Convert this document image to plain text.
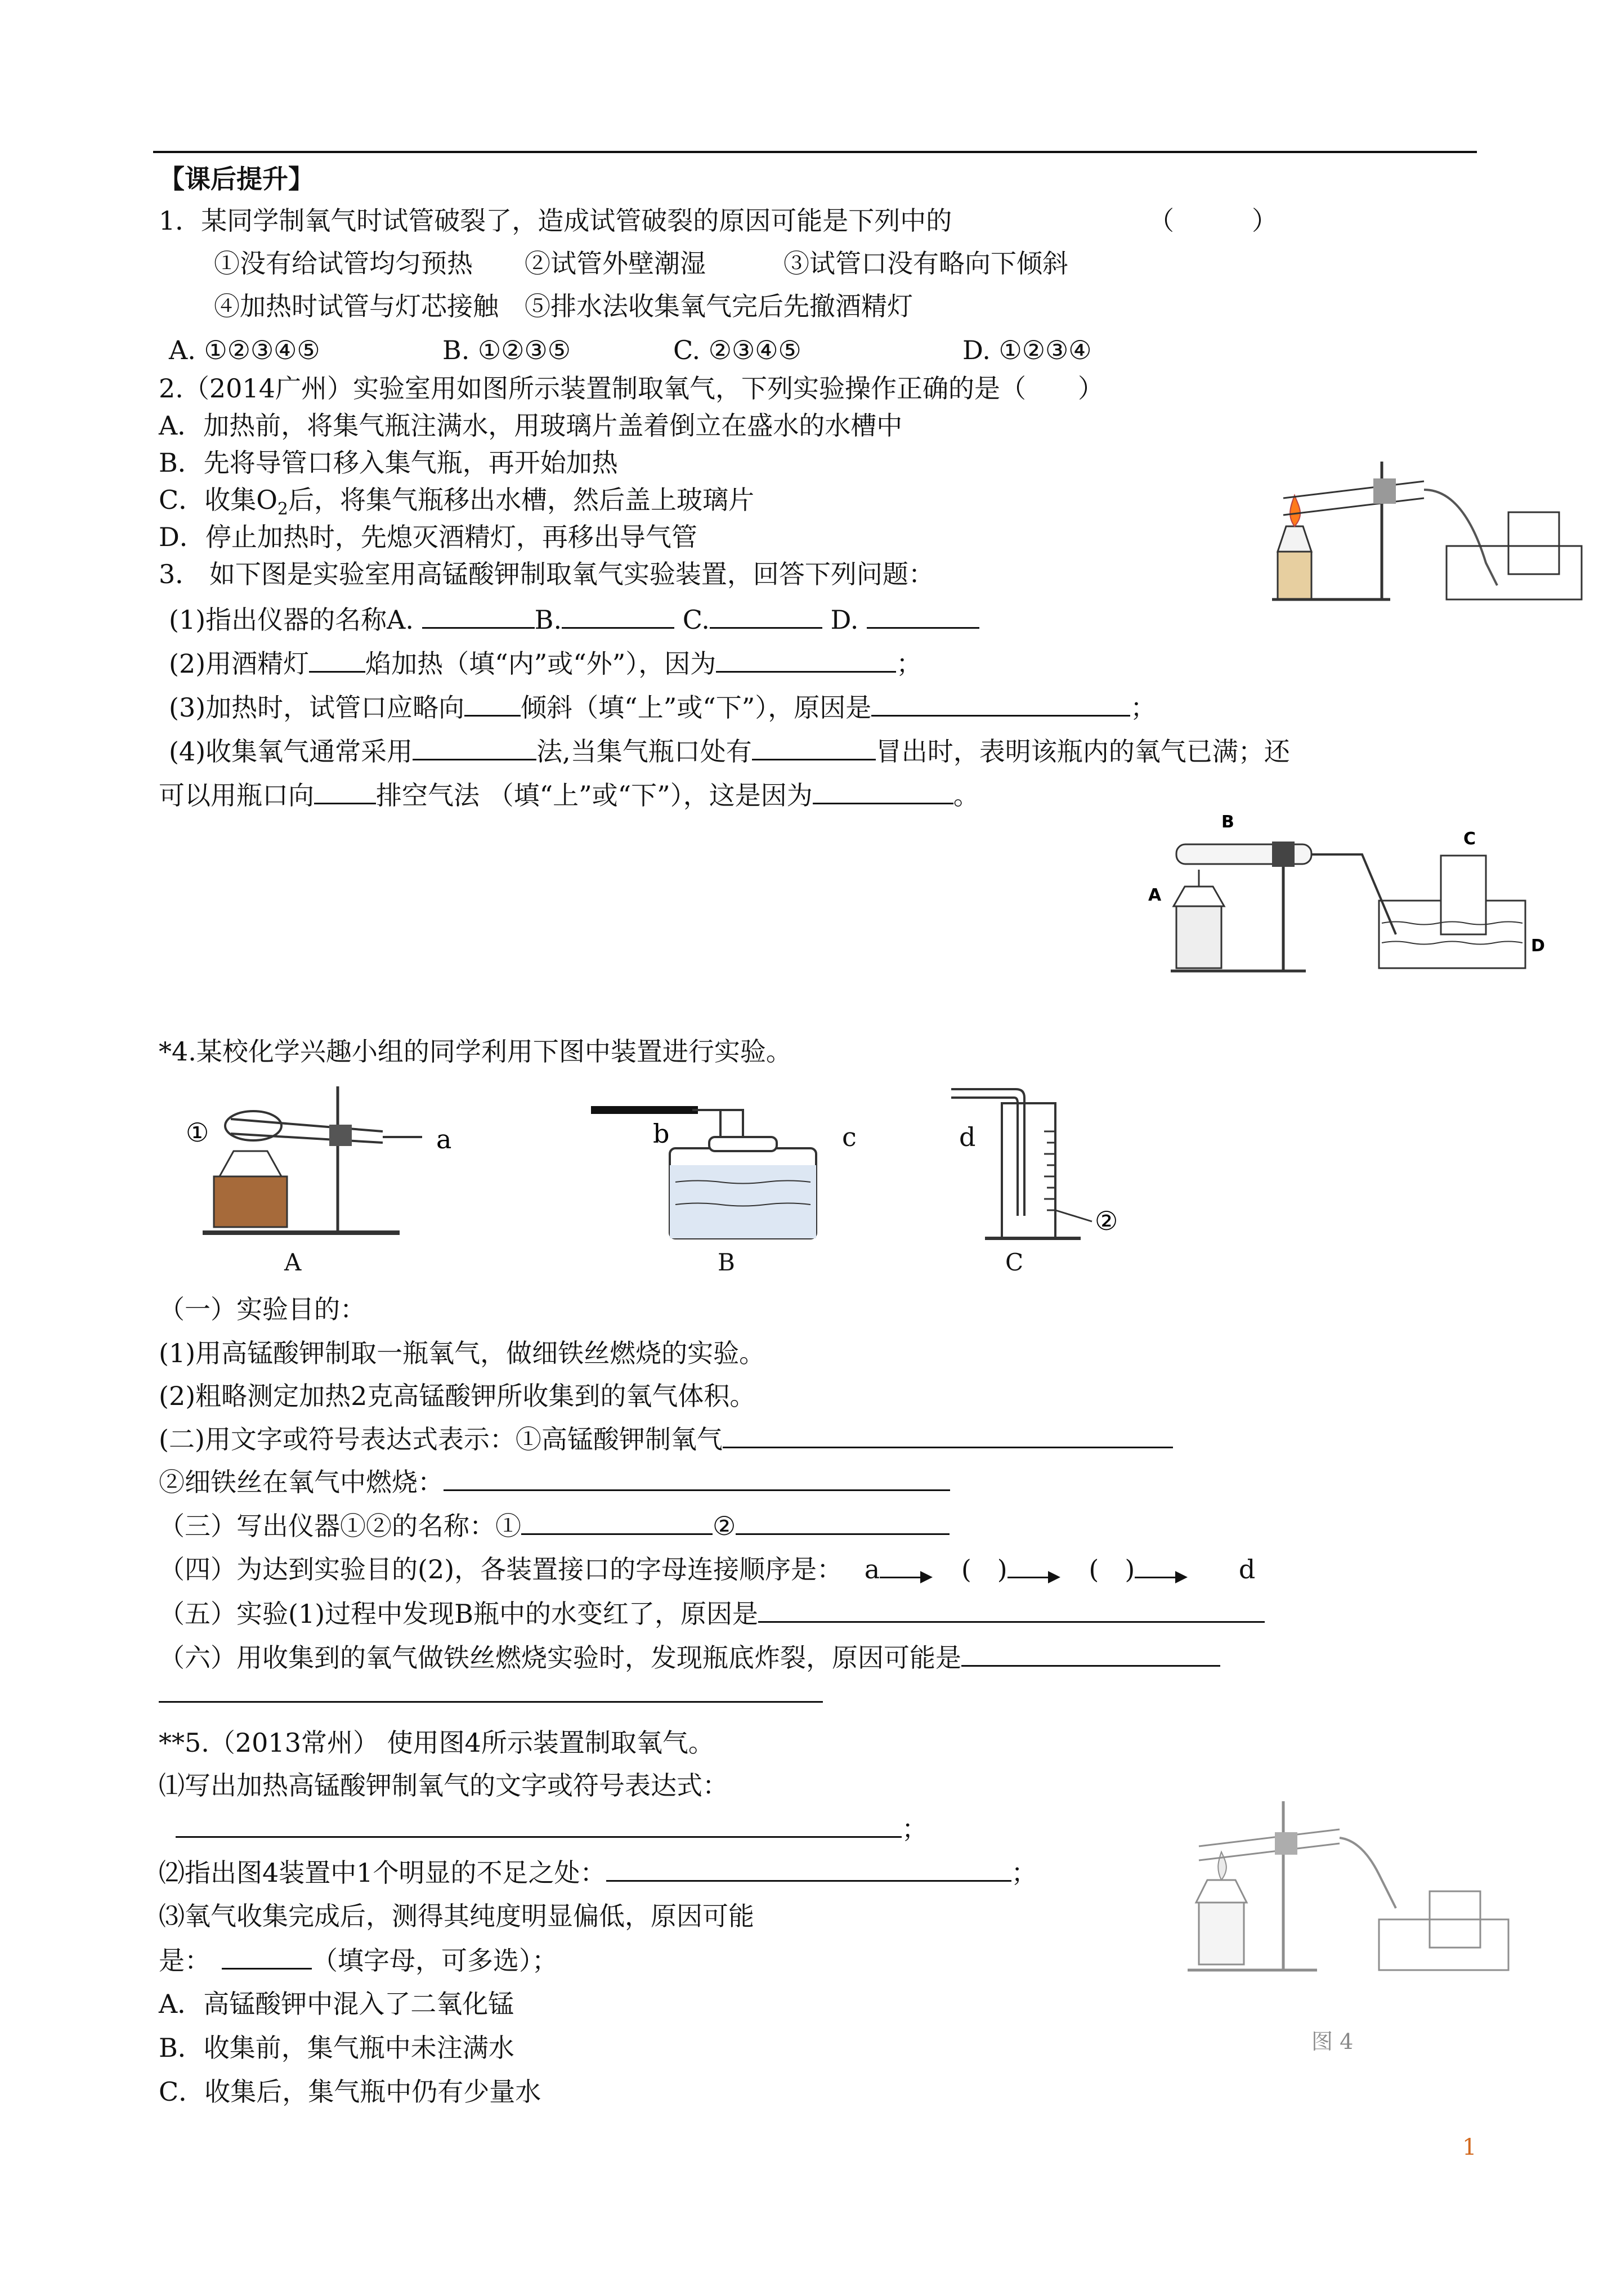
【课后提升】
1．某同学制氧气时试管破裂了，造成试管破裂的原因可能是下列中的	（　　　）
①没有给试管均匀预热　　②试管外壁潮湿　　　③试管口没有略向下倾斜
④加热时试管与灯芯接触　⑤排水法收集氧气完后先撤酒精灯
A. ①②③④⑤	B. ①②③⑤	C. ②③④⑤	D. ①②③④
2.（2014广州）实验室用如图所示装置制取氧气，下列实验操作正确的是（　　）
A．加热前，将集气瓶注满水，用玻璃片盖着倒立在盛水的水槽中
B．先将导管口移入集气瓶，再开始加热
C．收集$O_2$后，将集气瓶移出水槽，然后盖上玻璃片
D．停止加热时，先熄灭酒精灯，再移出导气管
3． 如下图是实验室用高锰酸钾制取氧气实验装置，回答下列问题：
(1)指出仪器的名称A.	B.	C.	D.
(2)用酒精灯 焰加热（填“内”或“外”），因为	；
(3)加热时，试管口应略向 倾斜（填“上”或“下”），原因是	；
(4)收集氧气通常采用	法,当集气瓶口处有	冒出时，表明该瓶内的氧气已满；还
可以用瓶口向 排空气法 （填“上”或“下”），这是因为	。
A
B
C
D
*4.某校化学兴趣小组的同学利用下图中装置进行实验。
①	a
A
b
B
c
②
d
C
（一）实验目的：
(1)用高锰酸钾制取一瓶氧气，做细铁丝燃烧的实验。
(2)粗略测定加热2克高锰酸钾所收集到的氧气体积。
(二)用文字或符号表达式表示：①高锰酸钾制氧气
②细铁丝在氧气中燃烧：
（三）写出仪器①②的名称：①	②
（四）为达到实验目的(2)，各装置接口的字母连接顺序是： a	(　)	(　)	d
（五）实验(1)过程中发现B瓶中的水变红了，原因是
（六）用收集到的氧气做铁丝燃烧实验时，发现瓶底炸裂，原因可能是
**5.（2013常州） 使用图4所示装置制取氧气。
⑴写出加热高锰酸钾制氧气的文字或符号表达式：
；
⑵指出图4装置中1个明显的不足之处：	；
⑶氧气收集完成后，测得其纯度明显偏低，原因可能
是：	（填字母，可多选）；
A．高锰酸钾中混入了二氧化锰
B．收集前，集气瓶中未注满水
C．收集后，集气瓶中仍有少量水
图 4
1
